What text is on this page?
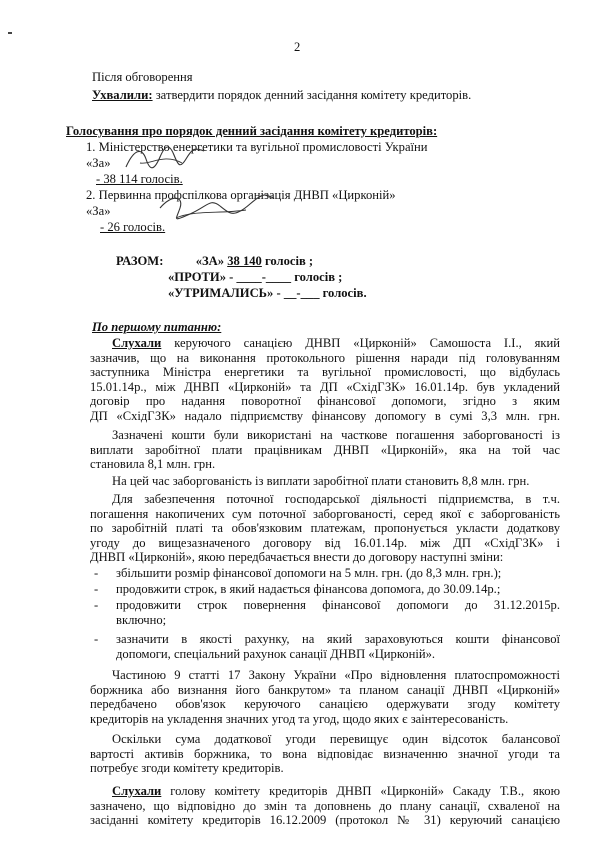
2
Після обговорення
Ухвалили: затвердити порядок денний засідання комітету кредиторів.
Голосування про порядок денний засідання комітету кредиторів:
1. Міністерство енергетики та вугільної промисловості України
«За»
- 38 114 голосів.
2. Первинна профспілкова організація ДНВП «Цирконій»
«За»
- 26 голосів.
РАЗОМ:	«ЗА» 38 140 голосів ;
«ПРОТИ» - ____-____ голосів ;
«УТРИМАЛИСЬ» - __-___ голосів.
По першому питанню:
Слухали керуючого санацією ДНВП «Цирконій» Самошоста І.І., який
зазначив, що на виконання протокольного рішення наради під головуванням
заступника Міністра енергетики та вугільної промисловості, що відбулась
15.01.14р., між ДНВП «Цирконій» та ДП «СхідГЗК» 16.01.14р. був укладений
договір про надання поворотної фінансової допомоги, згідно з яким
ДП «СхідГЗК» надало підприємству фінансову допомогу в сумі 3,3 млн. грн.
Зазначені кошти були використані на часткове погашення заборгованості із
виплати заробітної плати працівникам ДНВП «Цирконій», яка на той час
становила 8,1 млн. грн.
На цей час заборгованість із виплати заробітної плати становить 8,8 млн. грн.
Для забезпечення поточної господарської діяльності підприємства, в т.ч.
погашення накопичених сум поточної заборгованості, серед якої є заборгованість
по заробітній платі та обов'язковим платежам, пропонується укласти додаткову
угоду до вищезазначеного договору від 16.01.14р. між ДП «СхідГЗК» і
ДНВП «Цирконій», якою передбачається внести до договору наступні зміни:
-	збільшити розмір фінансової допомоги на 5 млн. грн. (до 8,3 млн. грн.);
-	продовжити строк, в який надається фінансова допомога, до 30.09.14р.;
-	продовжити строк повернення фінансової допомоги до 31.12.2015р.
включно;
-	зазначити в якості рахунку, на який зараховуються кошти фінансової
допомоги, спеціальний рахунок санації ДНВП «Цирконій».
Частиною 9 статті 17 Закону України «Про відновлення платоспроможності
боржника або визнання його банкрутом» та планом санації ДНВП «Цирконій»
передбачено обов'язок керуючого санацією одержувати згоду комітету
кредиторів на укладення значних угод та угод, щодо яких є заінтересованість.
Оскільки сума додаткової угоди перевищує один відсоток балансової
вартості активів боржника, то вона відповідає визначенню значної угоди та
потребує згоди комітету кредиторів.
Слухали голову комітету кредиторів ДНВП «Цирконій» Сакаду Т.В., якою
зазначено, що відповідно до змін та доповнень до плану санації, схваленої на
засіданні комітету кредиторів 16.12.2009 (протокол № 31) керуючий санацією
